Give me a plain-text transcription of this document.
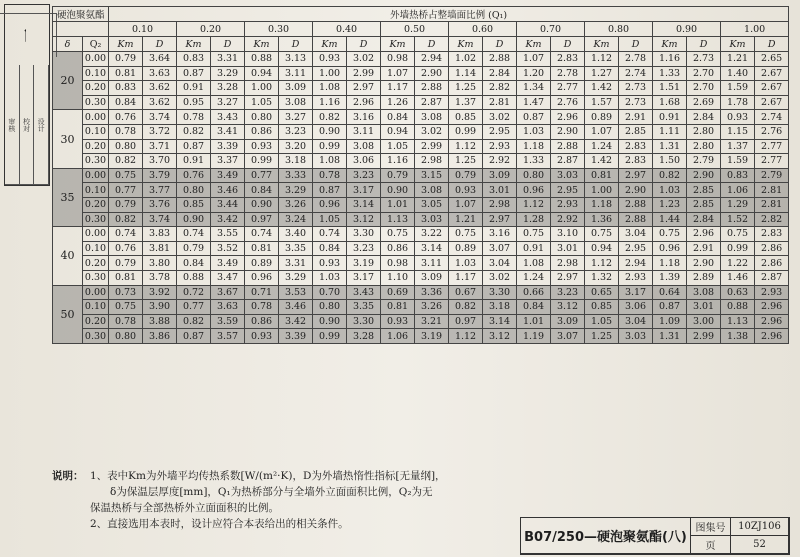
一
审核 校对 设计
硬泡聚氨酯		外墙热桥占整墙面比例 (Q₁)																			
		0.10		0.20		0.30		0.40		0.50		0.60		0.70		0.80		0.90		1.00	
δ	Q₂	Km	D	Km	D	Km	D	Km	D	Km	D	Km	D	Km	D	Km	D	Km	D	Km	D
20	0.00	0.79	3.64	0.83	3.31	0.88	3.13	0.93	3.02	0.98	2.94	1.02	2.88	1.07	2.83	1.12	2.78	1.16	2.73	1.21	2.65
	0.10	0.81	3.63	0.87	3.29	0.94	3.11	1.00	2.99	1.07	2.90	1.14	2.84	1.20	2.78	1.27	2.74	1.33	2.70	1.40	2.67
	0.20	0.83	3.62	0.91	3.28	1.00	3.09	1.08	2.97	1.17	2.88	1.25	2.82	1.34	2.77	1.42	2.73	1.51	2.70	1.59	2.67
	0.30	0.84	3.62	0.95	3.27	1.05	3.08	1.16	2.96	1.26	2.87	1.37	2.81	1.47	2.76	1.57	2.73	1.68	2.69	1.78	2.67
30	0.00	0.76	3.74	0.78	3.43	0.80	3.27	0.82	3.16	0.84	3.08	0.85	3.02	0.87	2.96	0.89	2.91	0.91	2.84	0.93	2.74
	0.10	0.78	3.72	0.82	3.41	0.86	3.23	0.90	3.11	0.94	3.02	0.99	2.95	1.03	2.90	1.07	2.85	1.11	2.80	1.15	2.76
	0.20	0.80	3.71	0.87	3.39	0.93	3.20	0.99	3.08	1.05	2.99	1.12	2.93	1.18	2.88	1.24	2.83	1.31	2.80	1.37	2.77
	0.30	0.82	3.70	0.91	3.37	0.99	3.18	1.08	3.06	1.16	2.98	1.25	2.92	1.33	2.87	1.42	2.83	1.50	2.79	1.59	2.77
35	0.00	0.75	3.79	0.76	3.49	0.77	3.33	0.78	3.23	0.79	3.15	0.79	3.09	0.80	3.03	0.81	2.97	0.82	2.90	0.83	2.79
	0.10	0.77	3.77	0.80	3.46	0.84	3.29	0.87	3.17	0.90	3.08	0.93	3.01	0.96	2.95	1.00	2.90	1.03	2.85	1.06	2.81
	0.20	0.79	3.76	0.85	3.44	0.90	3.26	0.96	3.14	1.01	3.05	1.07	2.98	1.12	2.93	1.18	2.88	1.23	2.85	1.29	2.81
	0.30	0.82	3.74	0.90	3.42	0.97	3.24	1.05	3.12	1.13	3.03	1.21	2.97	1.28	2.92	1.36	2.88	1.44	2.84	1.52	2.82
40	0.00	0.74	3.83	0.74	3.55	0.74	3.40	0.74	3.30	0.75	3.22	0.75	3.16	0.75	3.10	0.75	3.04	0.75	2.96	0.75	2.83
	0.10	0.76	3.81	0.79	3.52	0.81	3.35	0.84	3.23	0.86	3.14	0.89	3.07	0.91	3.01	0.94	2.95	0.96	2.91	0.99	2.86
	0.20	0.79	3.80	0.84	3.49	0.89	3.31	0.93	3.19	0.98	3.11	1.03	3.04	1.08	2.98	1.12	2.94	1.18	2.90	1.22	2.86
	0.30	0.81	3.78	0.88	3.47	0.96	3.29	1.03	3.17	1.10	3.09	1.17	3.02	1.24	2.97	1.32	2.93	1.39	2.89	1.46	2.87
50	0.00	0.73	3.92	0.72	3.67	0.71	3.53	0.70	3.43	0.69	3.36	0.67	3.30	0.66	3.23	0.65	3.17	0.64	3.08	0.63	2.93
	0.10	0.75	3.90	0.77	3.63	0.78	3.46	0.80	3.35	0.81	3.26	0.82	3.18	0.84	3.12	0.85	3.06	0.87	3.01	0.88	2.96
	0.20	0.78	3.88	0.82	3.59	0.86	3.42	0.90	3.30	0.93	3.21	0.97	3.14	1.01	3.09	1.05	3.04	1.09	3.00	1.13	2.96
	0.30	0.80	3.86	0.87	3.57	0.93	3.39	0.99	3.28	1.06	3.19	1.12	3.12	1.19	3.07	1.25	3.03	1.31	2.99	1.38	2.96
说明： 1、表中Km为外墙平均传热系数[W/(m²·K)，D为外墙热惰性指标[无量纲]，
δ为保温层厚度[mm]，Q₁为热桥部分与全墙外立面面积比例，Q₂为无
保温热桥与全部热桥外立面面积的比例。
2、直接选用本表时，设计应符合本表给出的相关条件。
B07/250—硬泡聚氨酯(八)
图集号	10ZJ106
页	52
